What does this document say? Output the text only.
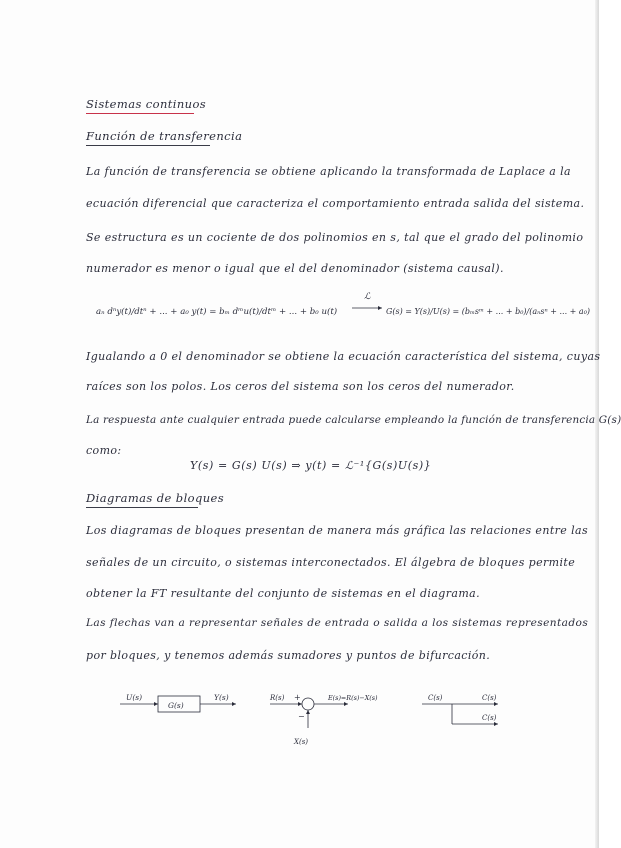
Sistemas continuos
Función de transferencia
La función de transferencia se obtiene aplicando la transformada de Laplace a la
ecuación diferencial que caracteriza el comportamiento entrada salida del sistema.
Se estructura es un cociente de dos polinomios en s, tal que el grado del polinomio
numerador es menor o igual que el del denominador (sistema causal).
aₙ dⁿy(t)/dtⁿ + ... + a₀ y(t) = bₘ dᵐu(t)/dtᵐ + ... + b₀ u(t)
ℒ
G(s) = Y(s)/U(s) = (bₘsᵐ + ... + b₀)/(aₙsⁿ + ... + a₀)
Igualando a 0 el denominador se obtiene la ecuación característica del sistema, cuyas
raíces son los polos. Los ceros del sistema son los ceros del numerador.
La respuesta ante cualquier entrada puede calcularse empleando la función de transferencia G(s)
como:
Y(s) = G(s) U(s) ⇒ y(t) = ℒ⁻¹{G(s)U(s)}
Diagramas de bloques
Los diagramas de bloques presentan de manera más gráfica las relaciones entre las
señales de un circuito, o sistemas interconectados. El álgebra de bloques permite
obtener la FT resultante del conjunto de sistemas en el diagrama.
Las flechas van a representar señales de entrada o salida a los sistemas representados
por bloques, y tenemos además sumadores y puntos de bifurcación.
U(s)
G(s)
Y(s)	R(s) +	E(s)=R(s)−X(s)
−
X(s)
C(s)	C(s)
C(s)
